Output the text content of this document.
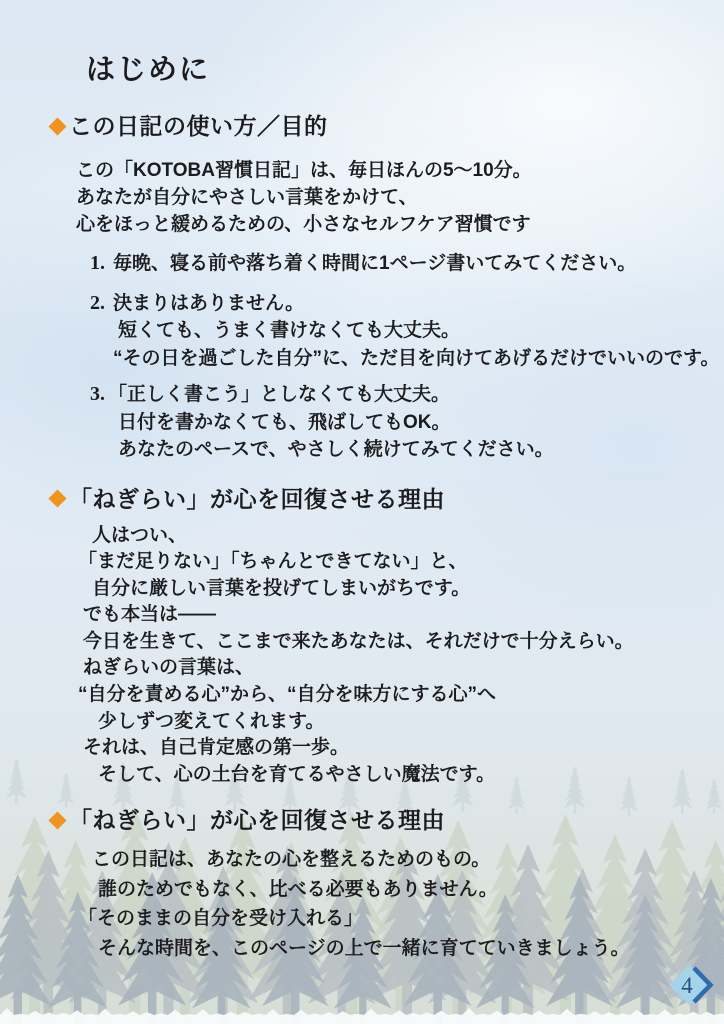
はじめに
この日記の使い方／目的

この「KOTOBA習慣日記」は、毎日ほんの5～10分。
あなたが自分にやさしい言葉をかけて、
心をほっと緩めるための、小さなセルフケア習慣です

1. 毎晩、寝る前や落ち着く時間に1ページ書いてみてください。
2. 決まりはありません。
短くても、うまく書けなくても大丈夫。
“その日を過ごした自分”に、ただ目を向けてあげるだけでいいのです。
3. 「正しく書こう」としなくても大丈夫。
日付を書かなくても、飛ばしてもOK。
あなたのペースで、やさしく続けてみてください。
「ねぎらい」が心を回復させる理由
人はつい、
「まだ足りない」「ちゃんとできてない」と、
自分に厳しい言葉を投げてしまいがちです。
でも本当は——
今日を生きて、ここまで来たあなたは、それだけで十分えらい。
ねぎらいの言葉は、
“自分を責める心”から、“自分を味方にする心”へ
少しずつ変えてくれます。
それは、自己肯定感の第一歩。
そして、心の土台を育てるやさしい魔法です。
「ねぎらい」が心を回復させる理由
この日記は、あなたの心を整えるためのもの。
誰のためでもなく、比べる必要もありません。
「そのままの自分を受け入れる」
そんな時間を、このページの上で一緒に育てていきましょう。
4
